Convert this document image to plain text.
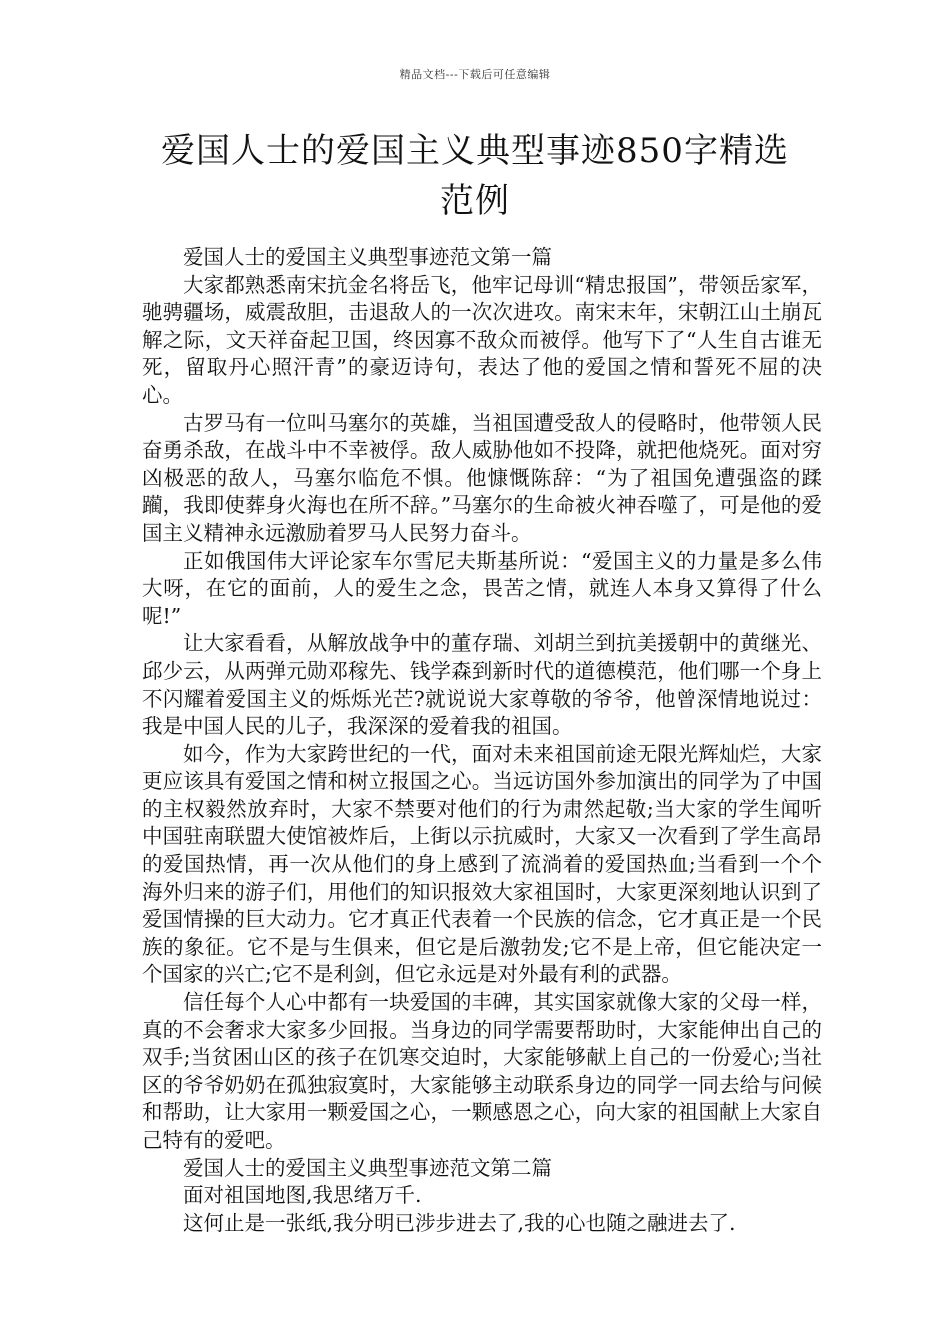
精品文档---下载后可任意编辑
爱国人士的爱国主义典型事迹850字精选范例

爱国人士的爱国主义典型事迹范文第一篇

大家都熟悉南宋抗金名将岳飞，他牢记母训“精忠报国”，带领岳家军，驰骋疆场，威震敌胆，击退敌人的一次次进攻。南宋末年，宋朝江山土崩瓦解之际，文天祥奋起卫国，终因寡不敌众而被俘。他写下了“人生自古谁无死，留取丹心照汗青”的豪迈诗句，表达了他的爱国之情和誓死不屈的决心。

古罗马有一位叫马塞尔的英雄，当祖国遭受敌人的侵略时，他带领人民奋勇杀敌，在战斗中不幸被俘。敌人威胁他如不投降，就把他烧死。面对穷凶极恶的敌人，马塞尔临危不惧。他慷慨陈辞：“为了祖国免遭强盗的蹂躏，我即使葬身火海也在所不辞。”马塞尔的生命被火神吞噬了，可是他的爱国主义精神永远激励着罗马人民努力奋斗。

正如俄国伟大评论家车尔雪尼夫斯基所说：“爱国主义的力量是多么伟大呀，在它的面前，人的爱生之念，畏苦之情，就连人本身又算得了什么呢!”

让大家看看，从解放战争中的董存瑞、刘胡兰到抗美援朝中的黄继光、邱少云，从两弹元勋邓稼先、钱学森到新时代的道德模范，他们哪一个身上不闪耀着爱国主义的烁烁光芒?就说说大家尊敬的爷爷，他曾深情地说过：我是中国人民的儿子，我深深的爱着我的祖国。

如今，作为大家跨世纪的一代，面对未来祖国前途无限光辉灿烂，大家更应该具有爱国之情和树立报国之心。当远访国外参加演出的同学为了中国的主权毅然放弃时，大家不禁要对他们的行为肃然起敬;当大家的学生闻听中国驻南联盟大使馆被炸后，上街以示抗威时，大家又一次看到了学生高昂的爱国热情，再一次从他们的身上感到了流淌着的爱国热血;当看到一个个海外归来的游子们，用他们的知识报效大家祖国时，大家更深刻地认识到了爱国情操的巨大动力。它才真正代表着一个民族的信念，它才真正是一个民族的象征。它不是与生俱来，但它是后激勃发;它不是上帝，但它能决定一个国家的兴亡;它不是利剑，但它永远是对外最有利的武器。

信任每个人心中都有一块爱国的丰碑，其实国家就像大家的父母一样，真的不会奢求大家多少回报。当身边的同学需要帮助时，大家能伸出自己的双手;当贫困山区的孩子在饥寒交迫时，大家能够献上自己的一份爱心;当社区的爷爷奶奶在孤独寂寞时，大家能够主动联系身边的同学一同去给与问候和帮助，让大家用一颗爱国之心，一颗感恩之心，向大家的祖国献上大家自己特有的爱吧。

爱国人士的爱国主义典型事迹范文第二篇

面对祖国地图,我思绪万千.

这何止是一张纸,我分明已涉步进去了,我的心也随之融进去了.
